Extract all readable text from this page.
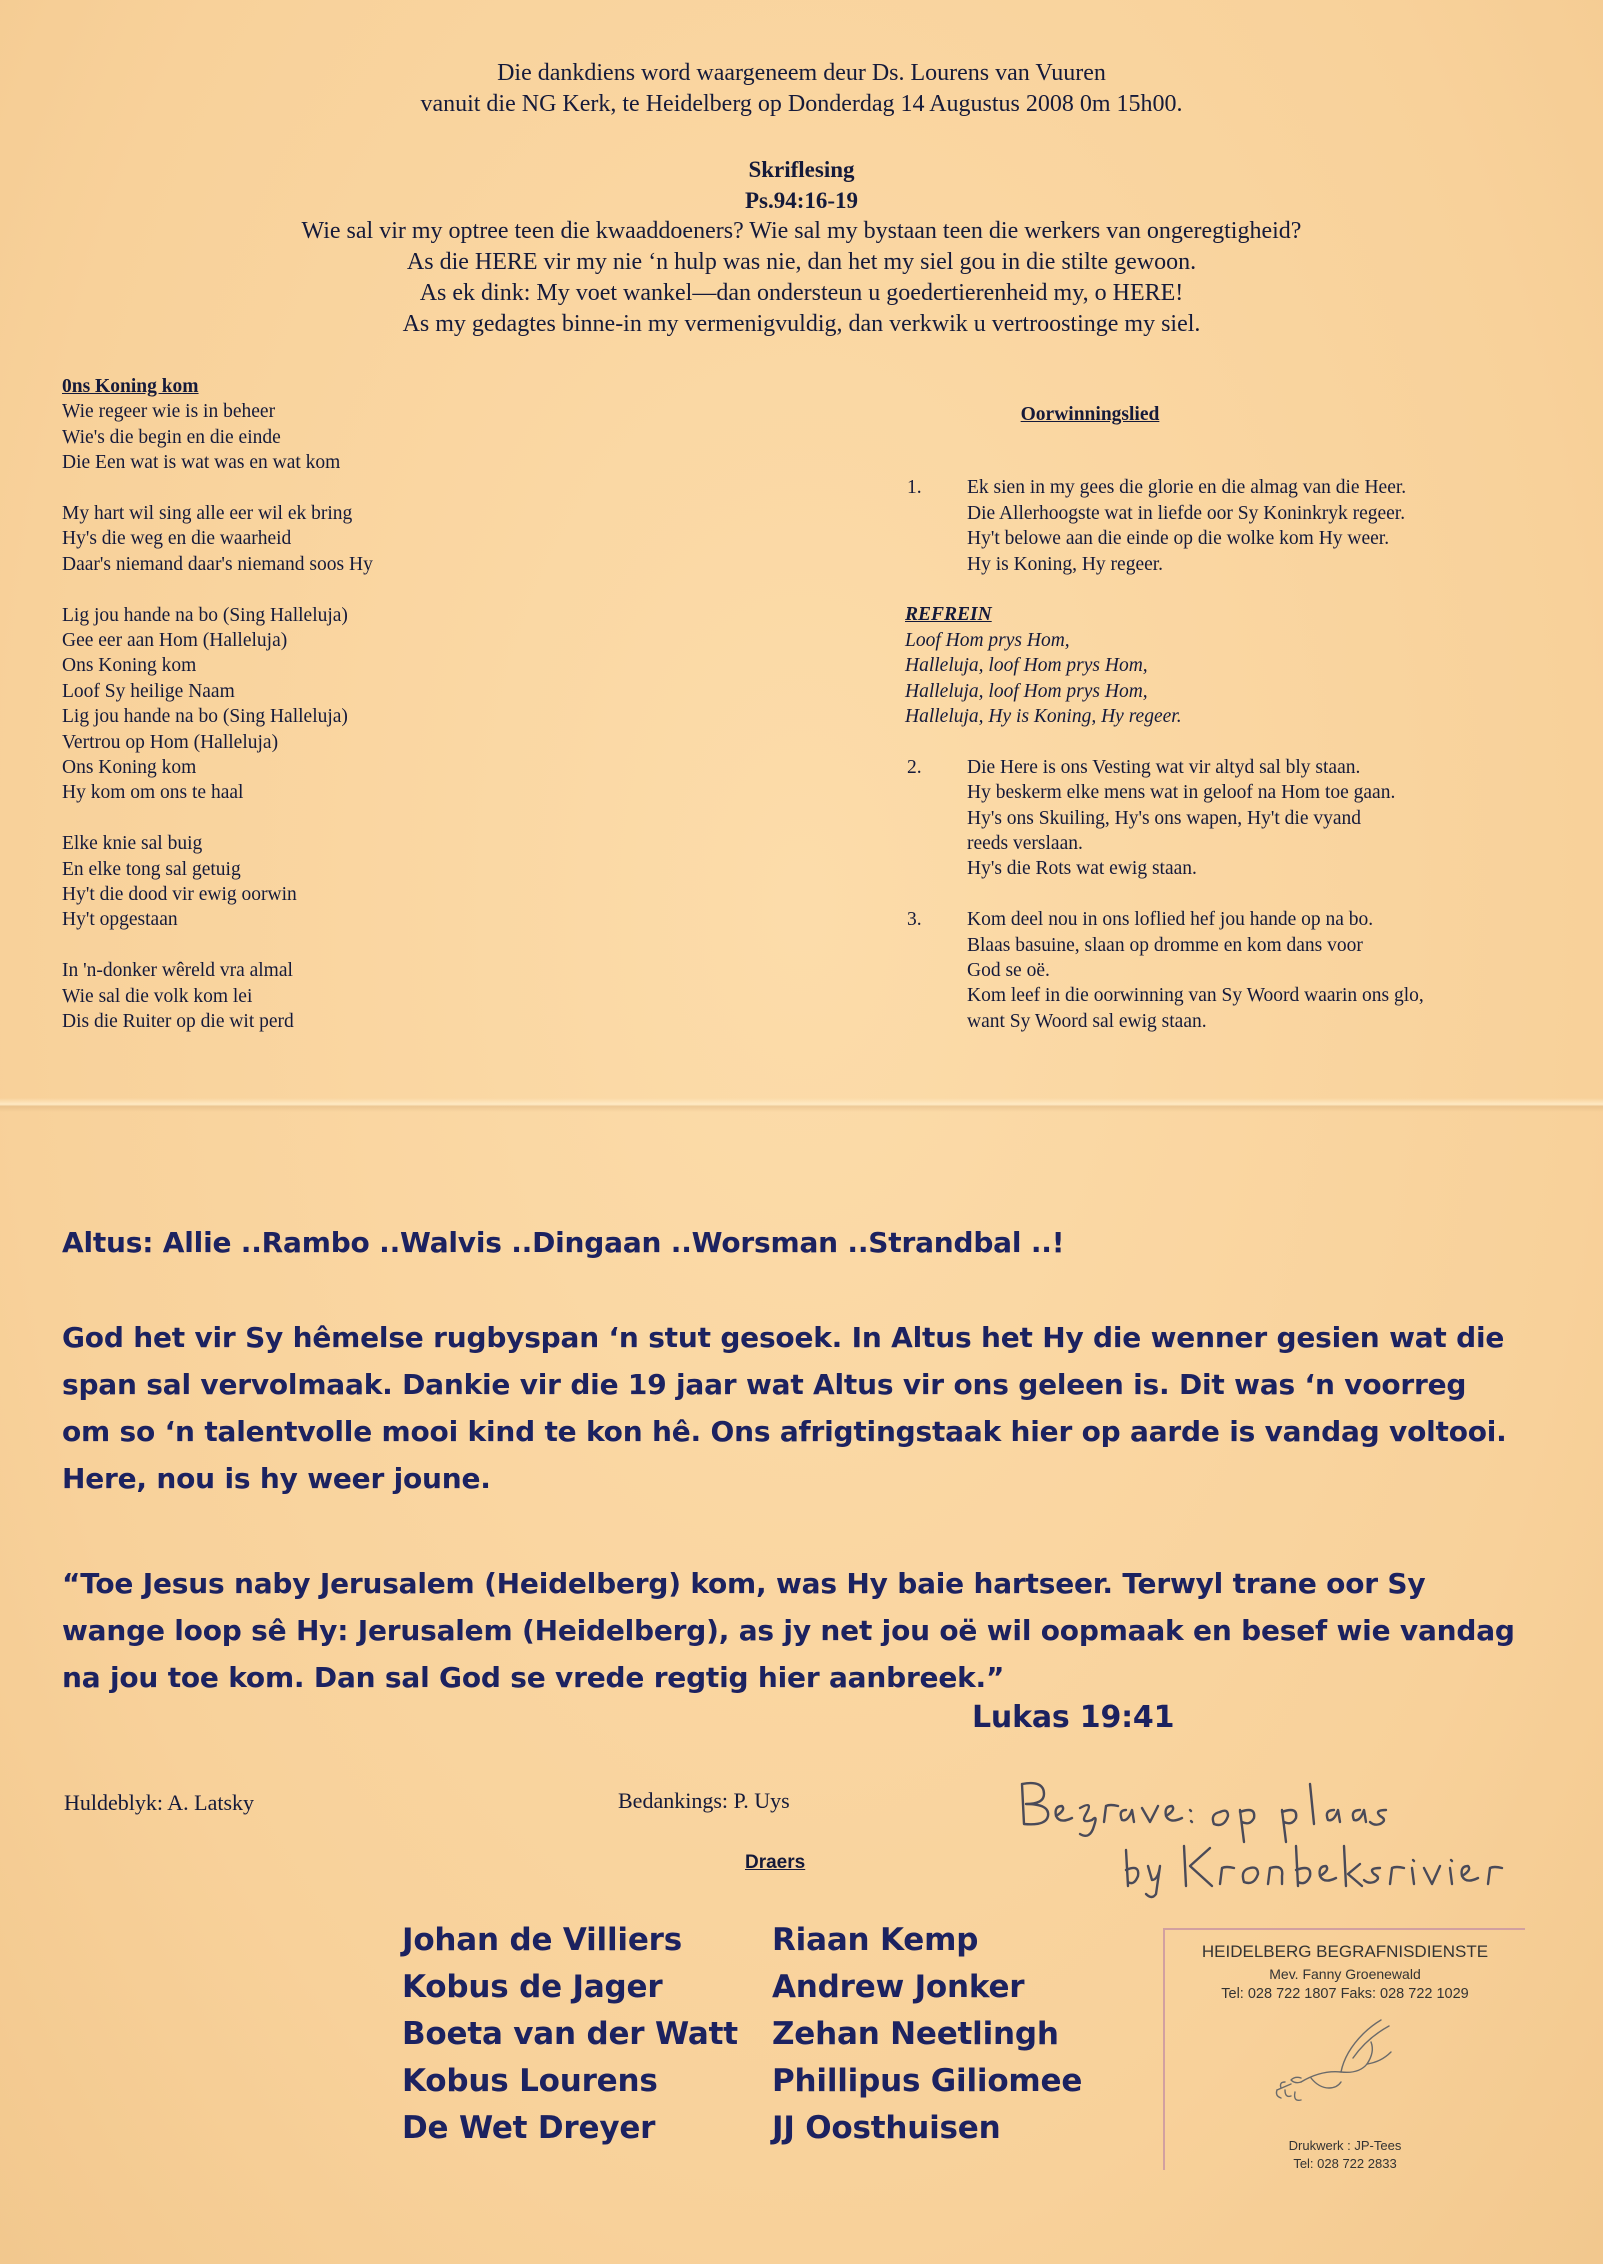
Die dankdiens word waargeneem deur Ds. Lourens van Vuuren
vanuit die NG Kerk, te Heidelberg op Donderdag 14 Augustus 2008 0m 15h00.
Skriflesing
Ps.94:16-19
Wie sal vir my optree teen die kwaaddoeners? Wie sal my bystaan teen die werkers van ongeregtigheid?
As die HERE vir my nie ‘n hulp was nie, dan het my siel gou in die stilte gewoon.
As ek dink: My voet wankel—dan ondersteun u goedertierenheid my, o HERE!
As my gedagtes binne-in my vermenigvuldig, dan verkwik u vertroostinge my siel.
0ns Koning kom
Wie regeer wie is in beheer
Wie's die begin en die einde
Die Een wat is wat was en wat kom
My hart wil sing alle eer wil ek bring
Hy's die weg en die waarheid
Daar's niemand daar's niemand soos Hy
Lig jou hande na bo (Sing Halleluja)
Gee eer aan Hom (Halleluja)
Ons Koning kom
Loof Sy heilige Naam
Lig jou hande na bo (Sing Halleluja)
Vertrou op Hom (Halleluja)
Ons Koning kom
Hy kom om ons te haal
Elke knie sal buig
En elke tong sal getuig
Hy't die dood vir ewig oorwin
Hy't opgestaan
In 'n-donker wêreld vra almal
Wie sal die volk kom lei
Dis die Ruiter op die wit perd
Oorwinningslied
1. Ek sien in my gees die glorie en die almag van die Heer.
Die Allerhoogste wat in liefde oor Sy Koninkryk regeer.
Hy't belowe aan die einde op die wolke kom Hy weer.
Hy is Koning, Hy regeer.
REFREIN
Loof Hom prys Hom,
Halleluja, loof Hom prys Hom,
Halleluja, loof Hom prys Hom,
Halleluja, Hy is Koning, Hy regeer.
2. Die Here is ons Vesting wat vir altyd sal bly staan.
Hy beskerm elke mens wat in geloof na Hom toe gaan.
Hy's ons Skuiling, Hy's ons wapen, Hy't die vyand
reeds verslaan.
Hy's die Rots wat ewig staan.
3. Kom deel nou in ons loflied hef jou hande op na bo.
Blaas basuine, slaan op dromme en kom dans voor
God se oë.
Kom leef in die oorwinning van Sy Woord waarin ons glo,
want Sy Woord sal ewig staan.
Altus: Allie ..Rambo ..Walvis ..Dingaan ..Worsman ..Strandbal ..!
God het vir Sy hêmelse rugbyspan ‘n stut gesoek. In Altus het Hy die wenner gesien wat die span sal vervolmaak. Dankie vir die 19 jaar wat Altus vir ons geleen is. Dit was ‘n voorreg om so ‘n talentvolle mooi kind te kon hê. Ons afrigtingstaak hier op aarde is vandag voltooi. Here, nou is hy weer joune.
“Toe Jesus naby Jerusalem (Heidelberg) kom, was Hy baie hartseer. Terwyl trane oor Sy wange loop sê Hy: Jerusalem (Heidelberg), as jy net jou oë wil oopmaak en besef wie vandag na jou toe kom. Dan sal God se vrede regtig hier aanbreek.”
Lukas 19:41
Huldeblyk: A. Latsky	Bedankings: P. Uys
Draers
Johan de Villiers
Kobus de Jager
Boeta van der Watt
Kobus Lourens
De Wet Dreyer
Riaan Kemp
Andrew Jonker
Zehan Neetlingh
Phillipus Giliomee
JJ Oosthuisen
HEIDELBERG BEGRAFNISDIENSTE
Mev. Fanny Groenewald
Tel: 028 722 1807 Faks: 028 722 1029
Drukwerk : JP-Tees
Tel: 028 722 2833
